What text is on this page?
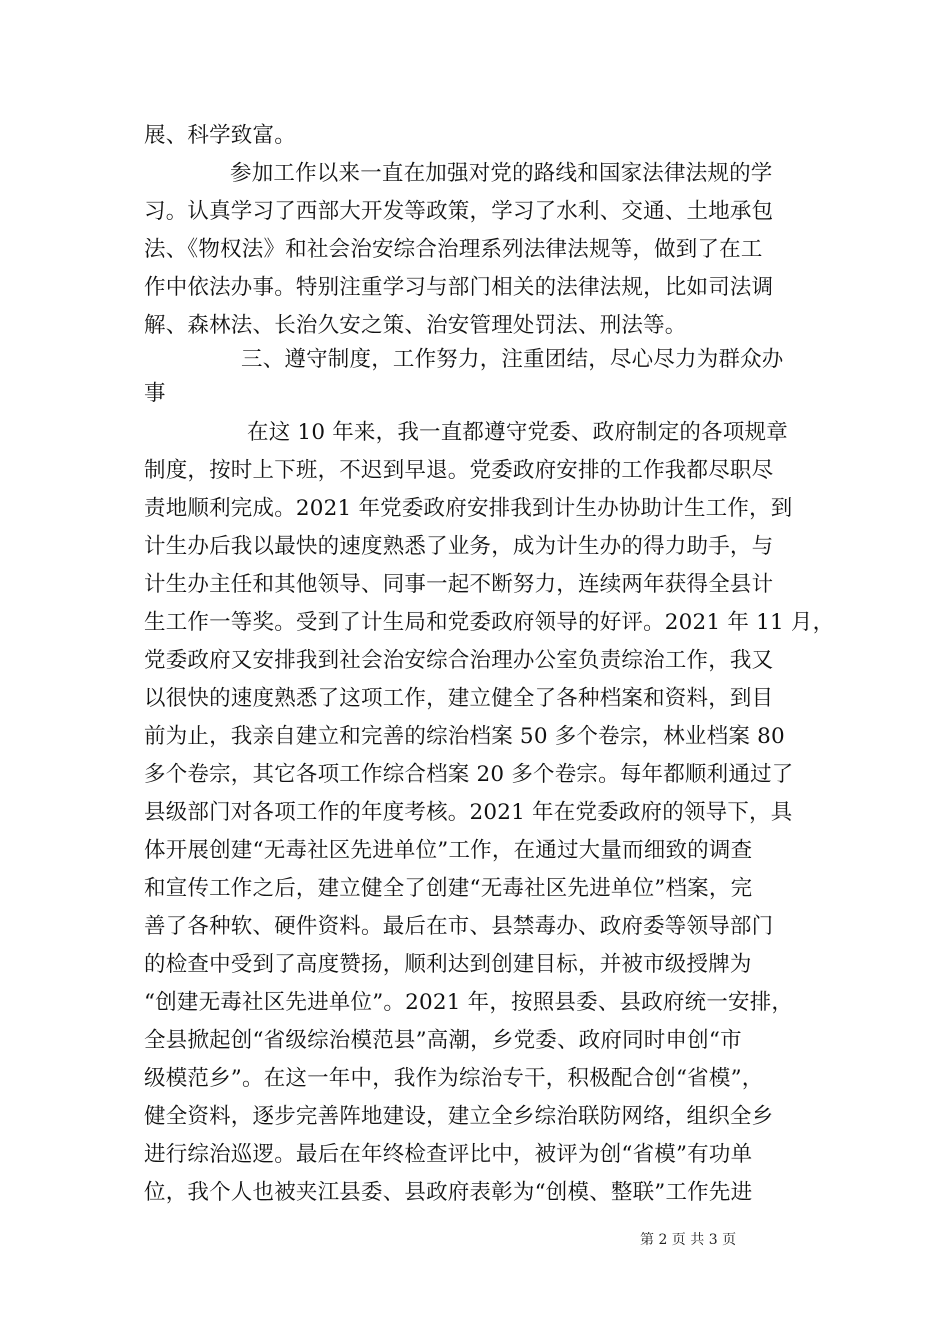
展、科学致富。
参加工作以来一直在加强对党的路线和国家法律法规的学
习。认真学习了西部大开发等政策，学习了水利、交通、土地承包
法、《物权法》和社会治安综合治理系列法律法规等，做到了在工
作中依法办事。特别注重学习与部门相关的法律法规，比如司法调
解、森林法、长治久安之策、治安管理处罚法、刑法等。
三、遵守制度，工作努力，注重团结，尽心尽力为群众办
事
在这 10 年来，我一直都遵守党委、政府制定的各项规章
制度，按时上下班，不迟到早退。党委政府安排的工作我都尽职尽
责地顺利完成。2021 年党委政府安排我到计生办协助计生工作，到
计生办后我以最快的速度熟悉了业务，成为计生办的得力助手，与
计生办主任和其他领导、同事一起不断努力，连续两年获得全县计
生工作一等奖。受到了计生局和党委政府领导的好评。2021 年 11 月，
党委政府又安排我到社会治安综合治理办公室负责综治工作，我又
以很快的速度熟悉了这项工作，建立健全了各种档案和资料，到目
前为止，我亲自建立和完善的综治档案 50 多个卷宗，林业档案 80
多个卷宗，其它各项工作综合档案 20 多个卷宗。每年都顺利通过了
县级部门对各项工作的年度考核。2021 年在党委政府的领导下，具
体开展创建“无毒社区先进单位”工作，在通过大量而细致的调查
和宣传工作之后，建立健全了创建“无毒社区先进单位”档案，完
善了各种软、硬件资料。最后在市、县禁毒办、政府委等领导部门
的检查中受到了高度赞扬，顺利达到创建目标，并被市级授牌为
“创建无毒社区先进单位”。2021 年，按照县委、县政府统一安排，
全县掀起创“省级综治模范县”高潮，乡党委、政府同时申创“市
级模范乡”。在这一年中，我作为综治专干，积极配合创“省模”，
健全资料，逐步完善阵地建设，建立全乡综治联防网络，组织全乡
进行综治巡逻。最后在年终检查评比中，被评为创“省模”有功单
位，我个人也被夹江县委、县政府表彰为“创模、整联”工作先进
第 2 页 共 3 页
